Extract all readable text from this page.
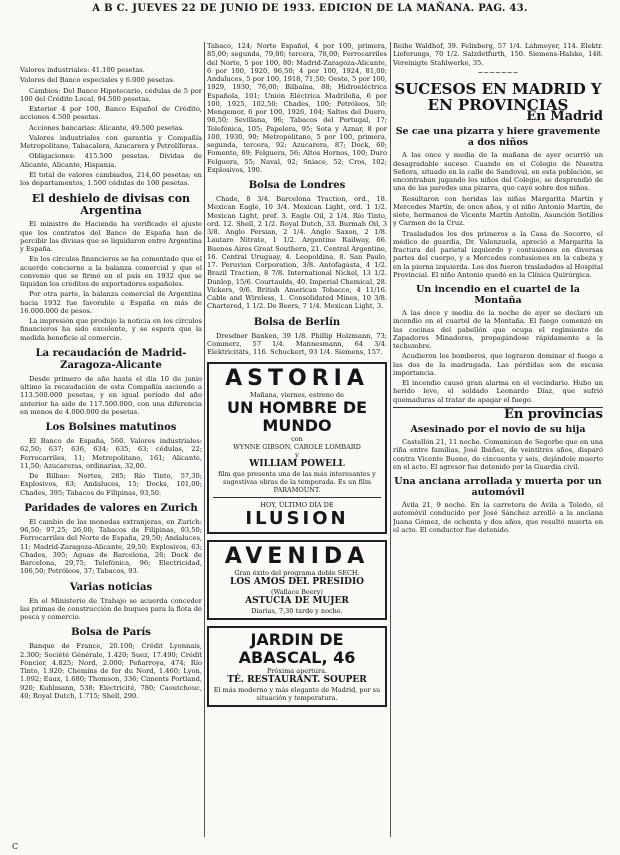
A B C. JUEVES 22 DE JUNIO DE 1933. EDICION DE LA MAÑANA. PAG. 43.

Valores industriales: 41.100 pesetas.

Valores del Banco especiales y 6.000 pesetas.

Cambios: Del Banco Hipotecario, cédulas de 5 por 100 del Crédito Local, 94.500 pesetas.

Exterior 4 por 100, Banco Español de Crédito, acciones 4.500 pesetas.

Acciones bancarias: Alicante, 49.500 pesetas.

Valores industriales con garantía y Compañía Metropolitano, Tabacalera, Azucarera y Petrolíferas.

Obligaciones: 415.500 pesetas. Dívidas de Alicante, Alicante, Hispania.

El total de valores cambiados, 214,60 pesetas; en los departamentos, 1.500 cédulas de 100 pesetas.

El deshielo de divisas con Argentina

El ministro de Hacienda ha verificado el ajuste que los contratos del Banco de España han de percibir las divisas que se liquidaron entre Argentina y España.

En los círculos financieros se ha comentado que el acuerdo concierne a la balanza comercial y que el convenio que se firmó en el país en 1932 que se liquidan los créditos de exportadores españoles.

Por otra parte, la balanza comercial de Argentina hacia 1932 fue favorable a España en más de 16.000.000 de pesos.

La impresión que produjo la noticia en los círculos financieros ha sido excelente, y se espera que la medida beneficie al comercio.

La recaudación de Madrid-Zaragoza-Alicante

Desde primero de año hasta el día 10 de junio último la recaudación de esta Compañía asciende a 113.500.000 pesetas, y en igual período del año anterior ha sido de 117.500.000, con una diferencia en menos de 4.000.000 de pesetas.

Los Bolsines matutinos

El Banco de España, 560. Valores industriales: 62,50; 637; 636, 634; 635, 63; cédulas, 22; Ferrocarriles, 11; Metropolitano, 161; Alicante, 11,50; Azucareras, ordinarias, 32,00.

De Bilbao: Nortes, 285; Río Tinto, 57,30; Explosivos, 63; Andaluces, 15; Docks, 101,00; Chades, 395; Tabacos de Filipinas, 93,50.

Paridades de valores en Zurich

El cambio de las monedas extranjeras, en Zurich: 96,50; 97,25; 26,00; Tabacos de Filipinas, 93,50; Ferrocarriles del Norte de España, 29,50; Andaluces, 11; Madrid-Zaragoza-Alicante, 29,50; Explosivos, 63; Chades, 395; Aguas de Barcelona, 26; Dock de Barcelona, 29,75; Telefónica, 96; Electricidad, 106,50; Petróleos, 37; Tabacos, 93.

Varias noticias

En el Ministerio de Trabajo se acuerda conceder las primas de construcción de buques para la flota de pesca y comercio.

Bolsa de París

Banque de France, 20.100; Crédit Lyonnais, 2.300; Société Générale, 1.420; Suez, 17.490; Crédit Foncier, 4.825; Nord, 2.000; Peñarroya, 474; Río Tinto, 1.920; Chemins de fer du Nord, 1.460; Lyon, 1.092; Eaux, 1.680; Thomson, 336; Ciments Portland, 920; Kuhlmann, 538; Electricité, 780; Caoutchouc, 40; Royal Dutch, 1.715; Shell, 290.

Tabaco, 124; Norte Español, 4 por 100, primera, 85,00; segunda, 79,00; tercera, 78,00; Ferrocarriles del Norte, 5 por 100, 80; Madrid-Zaragoza-Alicante, 6 por 100, 1920, 96,50; 4 por 100, 1924, 81,00; Andaluces, 5 por 100, 1918, 71,50; Oeste, 5 por 100, 1929, 1930, 76,00; Bilbaína, 88; Hidroeléctrica Española, 101; Unión Eléctrica Madrileña, 6 por 100, 1925, 102,50; Chades, 100; Petróleos, 50; Mengemor, 6 por 100, 1926, 104; Saltos del Duero, 98,50; Sevillana, 96; Tabacos del Portugal, 17; Telefónica, 105; Papelera, 95; Sota y Aznar, 8 por 100, 1930, 90; Metropolitano, 5 por 100, primera, segunda, tercera, 92; Azucarera, 87; Dock, 60; Fomento, 69; Felguera, 56; Altos Hornos, 100; Duro Felguera, 55; Naval, 92; Sniace, 52; Cros, 102; Explosivos, 190.

Bolsa de Londres

Chade, 8 3/4. Barcelona Traction, ord., 18. Mexican Eagle, 10 3/4. Mexican Light, ord. 1 1/2. Mexican Light, pref. 3. Eagle Oil, 2 1/4. Río Tinto, ord. 12. Shell, 2 1/2. Royal Dutch, 33. Burmah Oil, 3 3/8. Anglo Persian, 2 1/4. Anglo Saxon, 2 1/8. Lautaro Nitrate, 1 1/2. Argentine Railway, 66. Buenos Aires Great Southern, 21. Central Argentine, 16. Central Uruguay, 4. Leopoldina, 8. San Paulo, 17. Peruvian Corporation, 3/8. Antofagasta, 4 1/2. Brazil Traction, 8 7/8. International Nickel, 13 1/2. Dunlop, 15/6. Courtaulds, 40. Imperial Chemical, 28. Vickers, 9/6. British American Tobacco, 4 11/16. Cable and Wireless, 1. Consolidated Mines, 10 3/8. Chartered, 1 1/2. De Beers, 7 1/4. Mexican Light, 3.

Bolsa de Berlín

Dresdner Banken, 39 1/8. Phillip Holzmann, 73; Commerz, 57 1/4. Mannesmann, 64 3/4. Elektricitäts, 116. Schuckert, 93 1/4. Siemens, 157.

ASTORIA
Mañana, viernes, estreno de
UN HOMBRE DE MUNDO
con
WYNNE GIBSON, CAROLE LOMBARD
y
WILLIAM POWELL
film que presenta una de las más interesantes y sugestivas obras de la temporada. Es un film PARAMOUNT.
HOY, ÚLTIMO DÍA DE
ILUSION
AVENIDA
Gran éxito del programa doble SECH.
LOS AMOS DEL PRESIDIO
(Wallace Beery)
ASTUCIA DE MUJER
Diarias, 7,30 tarde y noche.
JARDIN DE ABASCAL, 46
Próxima apertura.
TÉ. RESTAURANT. SOUPER
El más moderno y más elegante de Madrid, por su situación y temperatura.

Reihe Waldhof, 39. Felixberg, 57 1/4. Lahmeyer, 114. Elektr. Lieferungs, 70 1/2. Salzdetfurth, 150. Siemens-Halske, 148. Vereinigte Stahlwerke, 35.

~~~~~~~
SUCESOS EN MADRID Y EN PROVINCIAS
En Madrid
Se cae una pizarra y hiere gravemente a dos niños

A las once y media de la mañana de ayer ocurrió un desagradable suceso. Cuando en el Colegio de Nuestra Señora, situado en la calle de Sandoval, en esta población, se encontraban jugando los niños del Colegio, se desprendió de una de las paredes una pizarra, que cayó sobre dos niños.

Resultaron con heridas las niñas Margarita Martín y Mercedes Martín, de once años, y el niño Antonio Martín, de siete, hermanos de Vicente Martín Antolín, Asunción Sotillos y Carmen de la Cruz.

Trasladados los dos primeros a la Casa de Socorro, el médico de guardia, Dr. Valenzuela, apreció a Margarita la fractura del parietal izquierdo y contusiones en diversas partes del cuerpo, y a Mercedes contusiones en la cabeza y en la pierna izquierda. Los dos fueron trasladados al Hospital Provincial. El niño Antonio quedó en la Clínica Quirúrgica.

Un incendio en el cuartel de la Montaña

A las doce y media de la noche de ayer se declaró un incendio en el cuartel de la Montaña. El fuego comenzó en las cocinas del pabellón que ocupa el regimiento de Zapadores Minadores, propagándose rápidamente a la techumbre.

Acudieron los bomberos, que lograron dominar el fuego a las dos de la madrugada. Las pérdidas son de escasa importancia.

El incendio causó gran alarma en el vecindario. Hubo un herido leve, el soldado Leonardo Díaz, que sufrió quemaduras al tratar de apagar el fuego.

En provincias
Asesinado por el novio de su hija

Castellón 21, 11 noche. Comunican de Segorbe que en una riña entre familias, José Ibáñez, de veintitrés años, disparó contra Vicente Bueno, de cincuenta y seis, dejándole muerto en el acto. El agresor fue detenido por la Guardia civil.

Una anciana arrollada y muerta por un automóvil

Ávila 21, 9 noche. En la carretera de Ávila a Toledo, el automóvil conducido por José Sánchez arrolló a la anciana Juana Gómez, de ochenta y dos años, que resultó muerta en el acto. El conductor fue detenido.

C
